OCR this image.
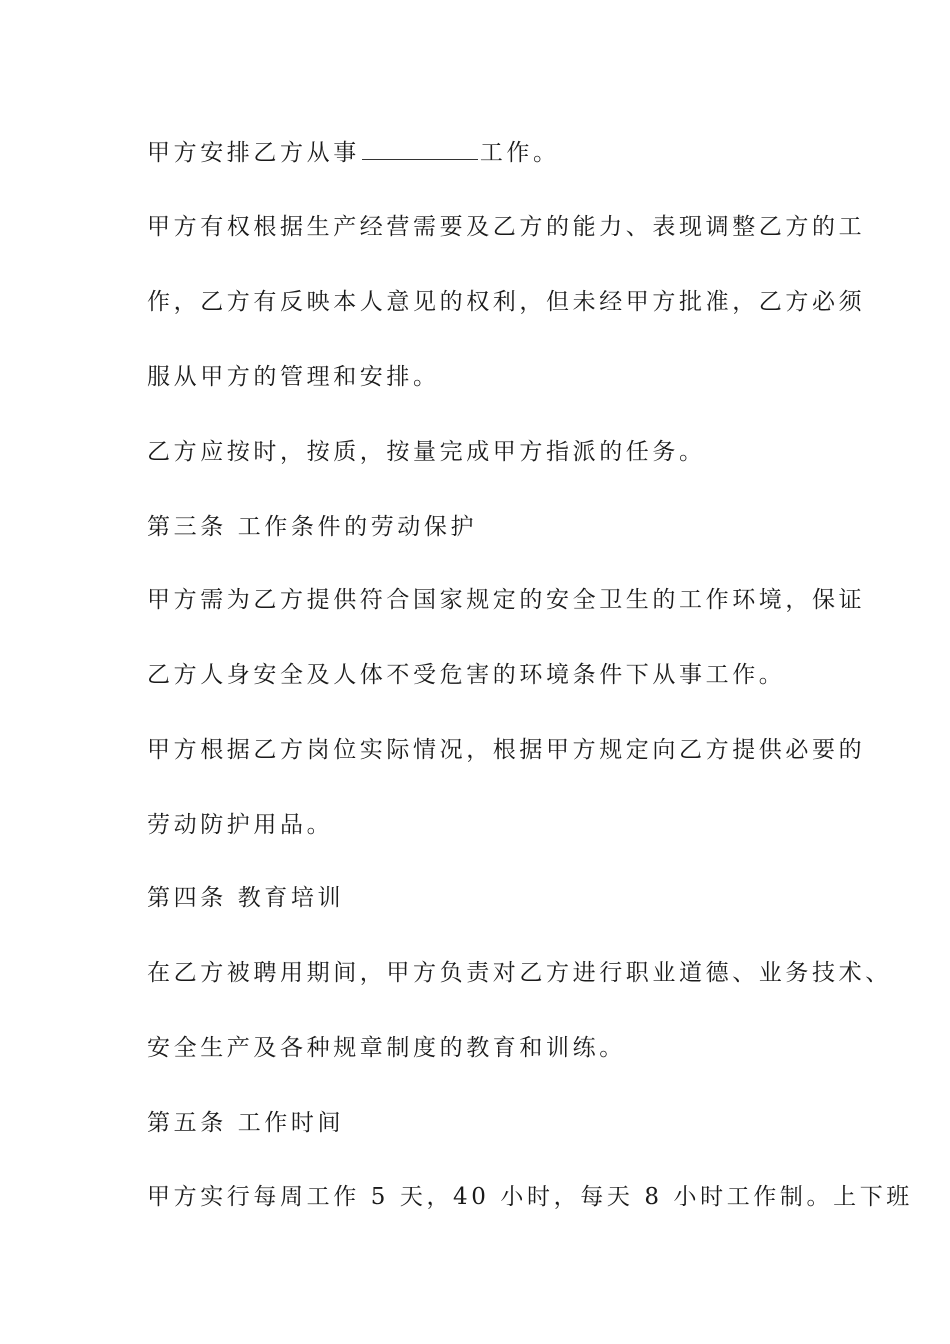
甲方安排乙方从事	工作。
甲方有权根据生产经营需要及乙方的能力、表现调整乙方的工
作，乙方有反映本人意见的权利，但未经甲方批准，乙方必须
服从甲方的管理和安排。
乙方应按时，按质，按量完成甲方指派的任务。
第三条 工作条件的劳动保护
甲方需为乙方提供符合国家规定的安全卫生的工作环境，保证
乙方人身安全及人体不受危害的环境条件下从事工作。
甲方根据乙方岗位实际情况，根据甲方规定向乙方提供必要的
劳动防护用品。
第四条 教育培训
在乙方被聘用期间，甲方负责对乙方进行职业道德、业务技术、
安全生产及各种规章制度的教育和训练。
第五条 工作时间
甲方实行每周工作 5 天，40 小时，每天 8 小时工作制。上下班
